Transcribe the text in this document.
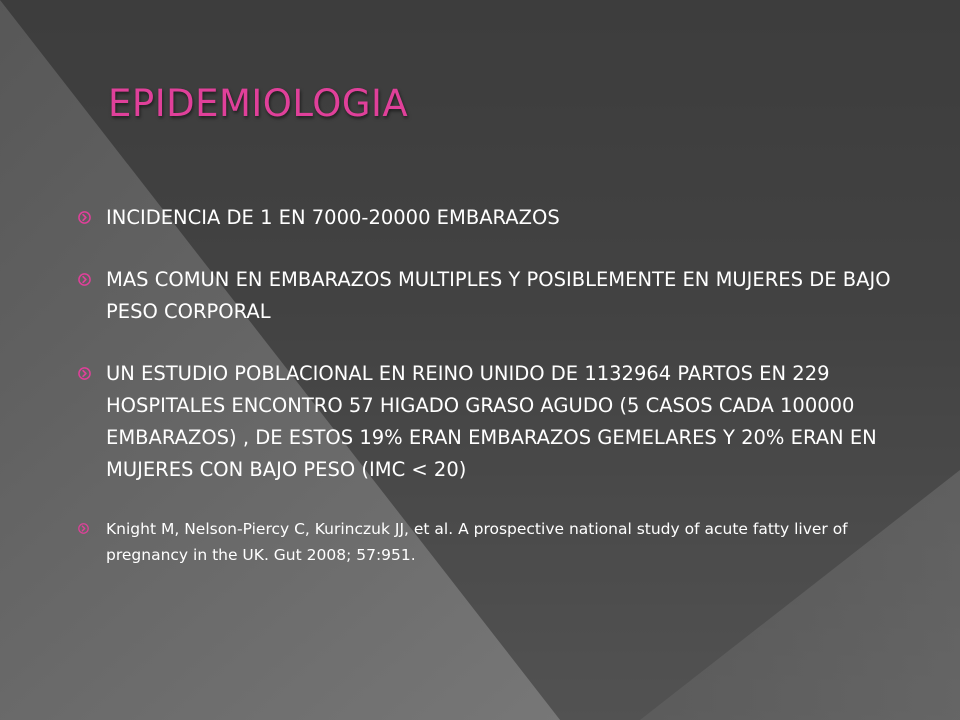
EPIDEMIOLOGIA
INCIDENCIA DE 1 EN 7000-20000 EMBARAZOS
MAS COMUN EN EMBARAZOS MULTIPLES Y POSIBLEMENTE EN MUJERES DE BAJO PESO CORPORAL
UN ESTUDIO POBLACIONAL EN REINO UNIDO DE 1132964 PARTOS EN 229 HOSPITALES ENCONTRO 57 HIGADO GRASO AGUDO (5 CASOS CADA 100000 EMBARAZOS) , DE ESTOS 19% ERAN EMBARAZOS GEMELARES Y 20% ERAN EN MUJERES CON BAJO PESO (IMC < 20)
Knight M, Nelson-Piercy C, Kurinczuk JJ, et al. A prospective national study of acute fatty liver of pregnancy in the UK. Gut 2008; 57:951.
